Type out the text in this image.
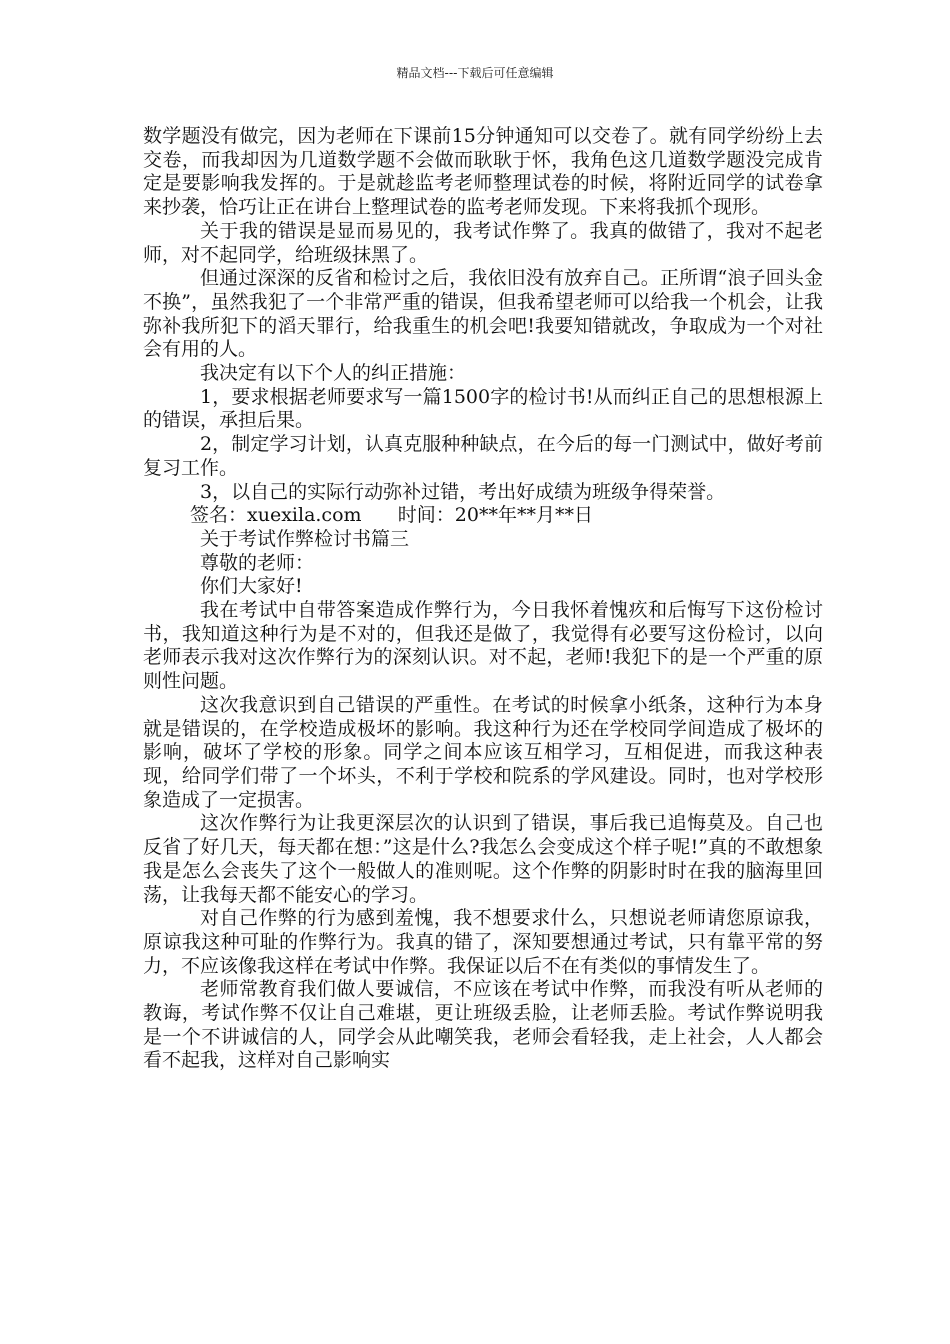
精品文档---下载后可任意编辑

数学题没有做完，因为老师在下课前15分钟通知可以交卷了。就有同学纷纷上去交卷，而我却因为几道数学题不会做而耿耿于怀，我角色这几道数学题没完成肯定是要影响我发挥的。于是就趁监考老师整理试卷的时候，将附近同学的试卷拿来抄袭，恰巧让正在讲台上整理试卷的监考老师发现。下来将我抓个现形。

关于我的错误是显而易见的，我考试作弊了。我真的做错了，我对不起老师，对不起同学，给班级抹黑了。

但通过深深的反省和检讨之后，我依旧没有放弃自己。正所谓“浪子回头金不换”，虽然我犯了一个非常严重的错误，但我希望老师可以给我一个机会，让我弥补我所犯下的滔天罪行，给我重生的机会吧!我要知错就改，争取成为一个对社会有用的人。

我决定有以下个人的纠正措施：

1，要求根据老师要求写一篇1500字的检讨书!从而纠正自己的思想根源上的错误，承担后果。

2，制定学习计划，认真克服种种缺点，在今后的每一门测试中，做好考前复习工作。

3，以自己的实际行动弥补过错，考出好成绩为班级争得荣誉。

签名：xuexila.com 时间：20**年**月**日

关于考试作弊检讨书篇三

尊敬的老师：

你们大家好!

我在考试中自带答案造成作弊行为，今日我怀着愧疚和后悔写下这份检讨书，我知道这种行为是不对的，但我还是做了，我觉得有必要写这份检讨，以向老师表示我对这次作弊行为的深刻认识。对不起，老师!我犯下的是一个严重的原则性问题。

这次我意识到自己错误的严重性。在考试的时候拿小纸条，这种行为本身就是错误的，在学校造成极坏的影响。我这种行为还在学校同学间造成了极坏的影响，破坏了学校的形象。同学之间本应该互相学习，互相促进，而我这种表现，给同学们带了一个坏头，不利于学校和院系的学风建设。同时，也对学校形象造成了一定损害。

这次作弊行为让我更深层次的认识到了错误，事后我已追悔莫及。自己也反省了好几天，每天都在想：”这是什么?我怎么会变成这个样子呢!”真的不敢想象我是怎么会丧失了这个一般做人的准则呢。这个作弊的阴影时时在我的脑海里回荡，让我每天都不能安心的学习。

对自己作弊的行为感到羞愧，我不想要求什么，只想说老师请您原谅我，原谅我这种可耻的作弊行为。我真的错了，深知要想通过考试，只有靠平常的努力，不应该像我这样在考试中作弊。我保证以后不在有类似的事情发生了。

老师常教育我们做人要诚信，不应该在考试中作弊，而我没有听从老师的教诲，考试作弊不仅让自己难堪，更让班级丢脸，让老师丢脸。考试作弊说明我是一个不讲诚信的人，同学会从此嘲笑我，老师会看轻我，走上社会，人人都会看不起我，这样对自己影响实
